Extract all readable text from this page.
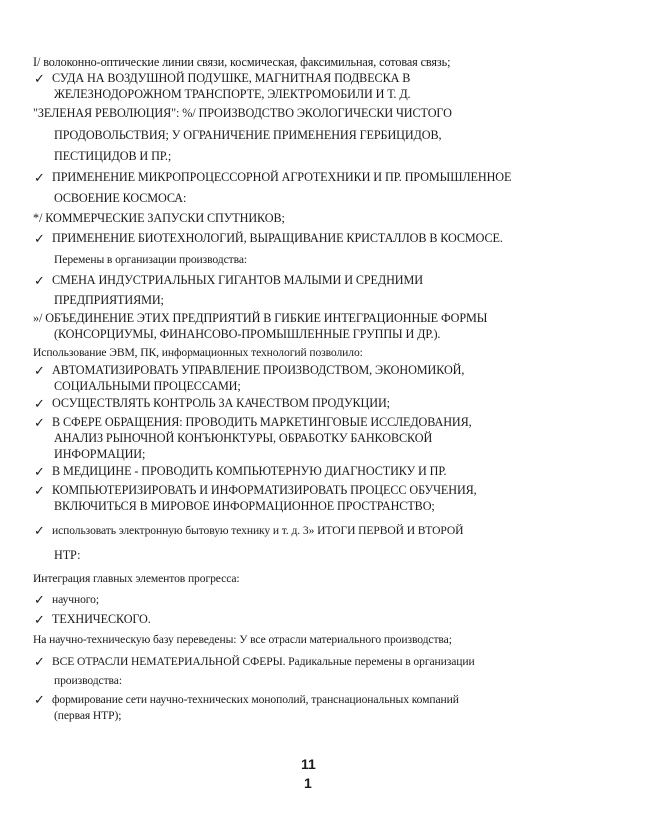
I/ волоконно-оптические линии связи, космическая, факсимильная, сотовая связь;
✓ СУДА НА ВОЗДУШНОЙ ПОДУШКЕ, МАГНИТНАЯ ПОДВЕСКА В
ЖЕЛЕЗНОДОРОЖНОМ ТРАНСПОРТЕ, ЭЛЕКТРОМОБИЛИ И Т. Д.
"ЗЕЛЕНАЯ РЕВОЛЮЦИЯ": %/ ПРОИЗВОДСТВО ЭКОЛОГИЧЕСКИ ЧИСТОГО
ПРОДОВОЛЬСТВИЯ; У ОГРАНИЧЕНИЕ ПРИМЕНЕНИЯ ГЕРБИЦИДОВ,
ПЕСТИЦИДОВ И ПР.;
✓ ПРИМЕНЕНИЕ МИКРОПРОЦЕССОРНОЙ АГРОТЕХНИКИ И ПР. ПРОМЫШЛЕННОЕ
ОСВОЕНИЕ КОСМОСА:
*/ КОММЕРЧЕСКИЕ ЗАПУСКИ СПУТНИКОВ;
✓ ПРИМЕНЕНИЕ БИОТЕХНОЛОГИЙ, ВЫРАЩИВАНИЕ КРИСТАЛЛОВ В КОСМОСЕ.
Перемены в организации производства:
✓ СМЕНА ИНДУСТРИАЛЬНЫХ ГИГАНТОВ МАЛЫМИ И СРЕДНИМИ
ПРЕДПРИЯТИЯМИ;
»/ ОБЪЕДИНЕНИЕ ЭТИХ ПРЕДПРИЯТИЙ В ГИБКИЕ ИНТЕГРАЦИОННЫЕ ФОРМЫ
(КОНСОРЦИУМЫ, ФИНАНСОВО-ПРОМЫШЛЕННЫЕ ГРУППЫ И ДР.).
Использование ЭВМ, ПК, информационных технологий позволило:
✓ АВТОМАТИЗИРОВАТЬ УПРАВЛЕНИЕ ПРОИЗВОДСТВОМ, ЭКОНОМИКОЙ,
СОЦИАЛЬНЫМИ ПРОЦЕССАМИ;
✓ ОСУЩЕСТВЛЯТЬ КОНТРОЛЬ ЗА КАЧЕСТВОМ ПРОДУКЦИИ;
✓ В СФЕРЕ ОБРАЩЕНИЯ: ПРОВОДИТЬ МАРКЕТИНГОВЫЕ ИССЛЕДОВАНИЯ,
АНАЛИЗ РЫНОЧНОЙ КОНЪЮНКТУРЫ, ОБРАБОТКУ БАНКОВСКОЙ
ИНФОРМАЦИИ;
✓ В МЕДИЦИНЕ - ПРОВОДИТЬ КОМПЬЮТЕРНУЮ ДИАГНОСТИКУ И ПР.
✓ КОМПЬЮТЕРИЗИРОВАТЬ И ИНФОРМАТИЗИРОВАТЬ ПРОЦЕСС ОБУЧЕНИЯ,
ВКЛЮЧИТЬСЯ В МИРОВОЕ ИНФОРМАЦИОННОЕ ПРОСТРАНСТВО;
✓ использовать электронную бытовую технику и т. д. 3» ИТОГИ ПЕРВОЙ И ВТОРОЙ
НТР:
Интеграция главных элементов прогресса:
✓ научного;
✓ ТЕХНИЧЕСКОГО.
На научно-техническую базу переведены: У все отрасли материального производства;
✓ ВСЕ ОТРАСЛИ НЕМАТЕРИАЛЬНОЙ СФЕРЫ. Радикальные перемены в организации
производства:
✓ формирование сети научно-технических монополий, транснациональных компаний
(первая НТР);
11
1
